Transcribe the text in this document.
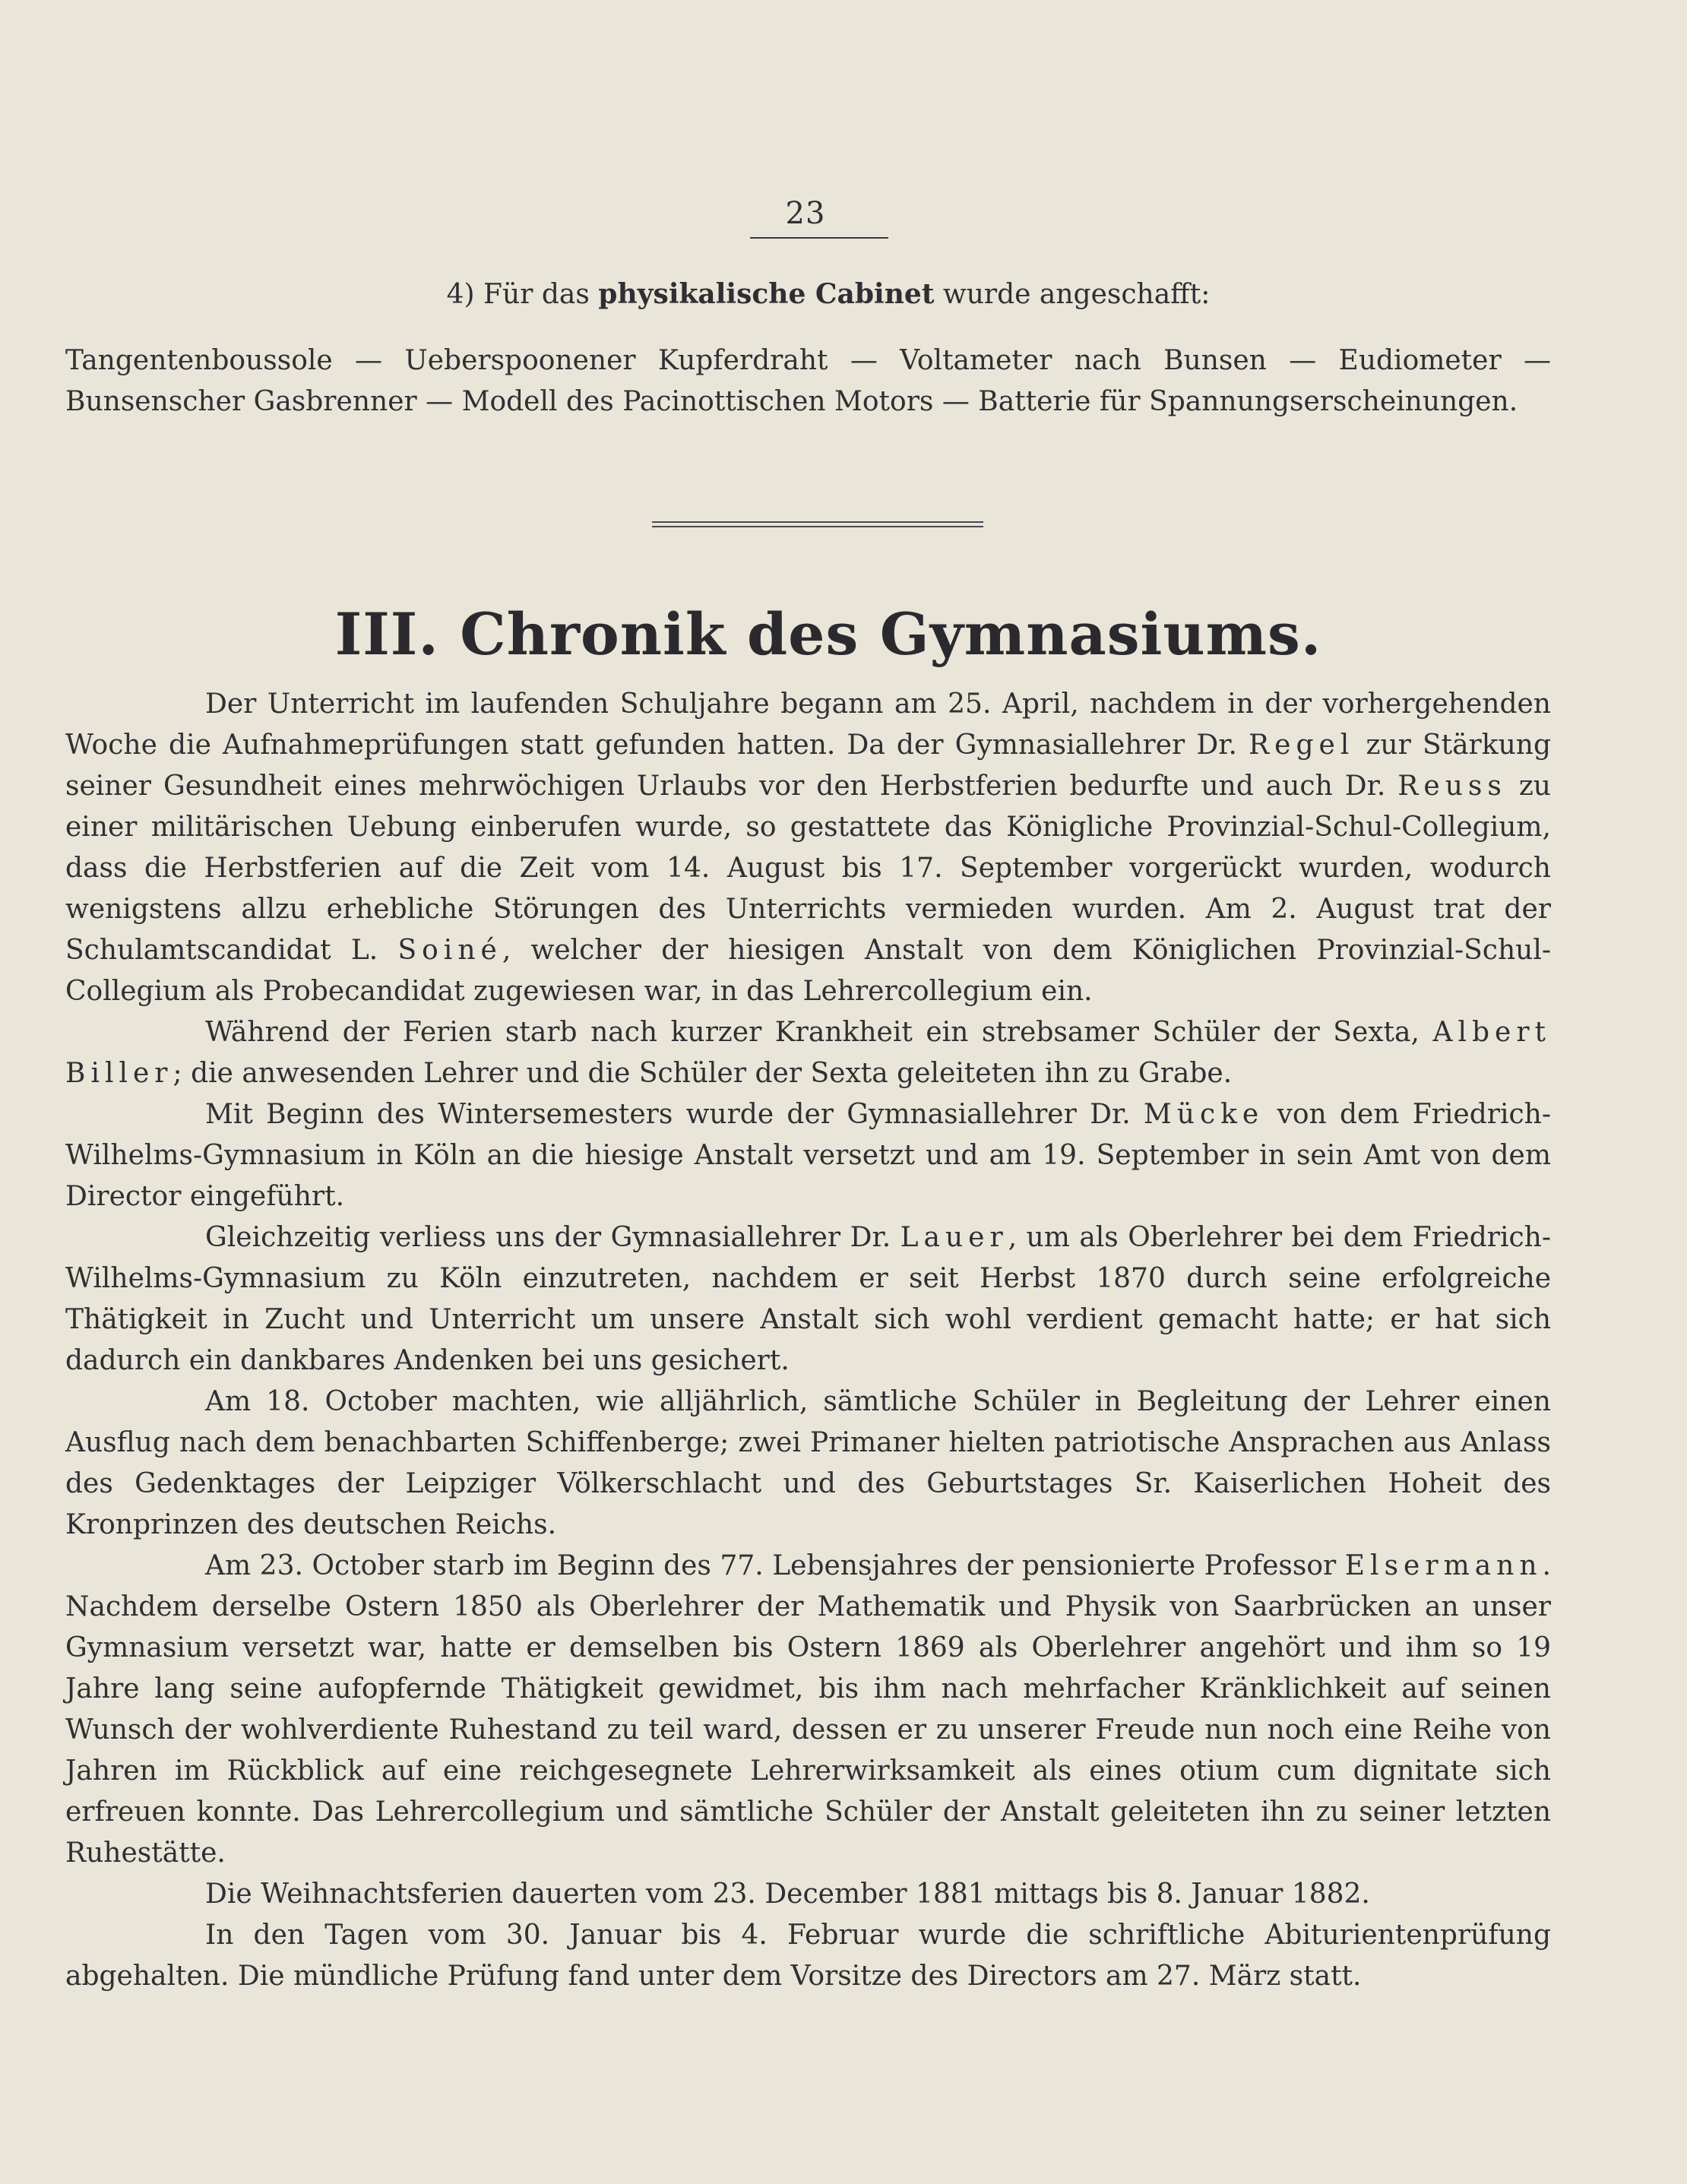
23
4) Für das physikalische Cabinet wurde angeschafft:
Tangentenboussole — Ueberspoonener Kupferdraht — Voltameter nach Bunsen — Eudiometer — Bunsenscher Gasbrenner — Modell des Pacinottischen Motors — Batterie für Spannungserscheinungen.
III. Chronik des Gymnasiums.

Der Unterricht im laufenden Schuljahre begann am 25. April, nachdem in der vorhergehenden Woche die Aufnahmeprüfungen statt gefunden hatten. Da der Gymnasiallehrer Dr. Regel zur Stärkung seiner Gesundheit eines mehrwöchigen Urlaubs vor den Herbstferien bedurfte und auch Dr. Reuss zu einer militärischen Uebung einberufen wurde, so gestattete das Königliche Provinzial-Schul-Collegium, dass die Herbstferien auf die Zeit vom 14. August bis 17. September vorgerückt wurden, wodurch wenigstens allzu erhebliche Störungen des Unterrichts vermieden wurden. Am 2. August trat der Schulamtscandidat L. Soiné, welcher der hiesigen Anstalt von dem Königlichen Provinzial-Schul-Collegium als Probecandidat zugewiesen war, in das Lehrercollegium ein.

Während der Ferien starb nach kurzer Krankheit ein strebsamer Schüler der Sexta, Albert Biller; die anwesenden Lehrer und die Schüler der Sexta geleiteten ihn zu Grabe.

Mit Beginn des Wintersemesters wurde der Gymnasiallehrer Dr. Mücke von dem Friedrich-Wilhelms-Gymnasium in Köln an die hiesige Anstalt versetzt und am 19. September in sein Amt von dem Director eingeführt.

Gleichzeitig verliess uns der Gymnasiallehrer Dr. Lauer, um als Oberlehrer bei dem Friedrich-Wilhelms-Gymnasium zu Köln einzutreten, nachdem er seit Herbst 1870 durch seine erfolgreiche Thätigkeit in Zucht und Unterricht um unsere Anstalt sich wohl verdient gemacht hatte; er hat sich dadurch ein dankbares Andenken bei uns gesichert.

Am 18. October machten, wie alljährlich, sämtliche Schüler in Begleitung der Lehrer einen Ausflug nach dem benachbarten Schiffenberge; zwei Primaner hielten patriotische Ansprachen aus Anlass des Gedenktages der Leipziger Völkerschlacht und des Geburtstages Sr. Kaiserlichen Hoheit des Kronprinzen des deutschen Reichs.

Am 23. October starb im Beginn des 77. Lebensjahres der pensionierte Professor Elsermann. Nachdem derselbe Ostern 1850 als Oberlehrer der Mathematik und Physik von Saarbrücken an unser Gymnasium versetzt war, hatte er demselben bis Ostern 1869 als Oberlehrer angehört und ihm so 19 Jahre lang seine aufopfernde Thätigkeit gewidmet, bis ihm nach mehrfacher Kränklichkeit auf seinen Wunsch der wohlverdiente Ruhestand zu teil ward, dessen er zu unserer Freude nun noch eine Reihe von Jahren im Rückblick auf eine reichgesegnete Lehrerwirksamkeit als eines otium cum dignitate sich erfreuen konnte. Das Lehrercollegium und sämtliche Schüler der Anstalt geleiteten ihn zu seiner letzten Ruhestätte.

Die Weihnachtsferien dauerten vom 23. December 1881 mittags bis 8. Januar 1882.

In den Tagen vom 30. Januar bis 4. Februar wurde die schriftliche Abiturientenprüfung abgehalten. Die mündliche Prüfung fand unter dem Vorsitze des Directors am 27. März statt.
